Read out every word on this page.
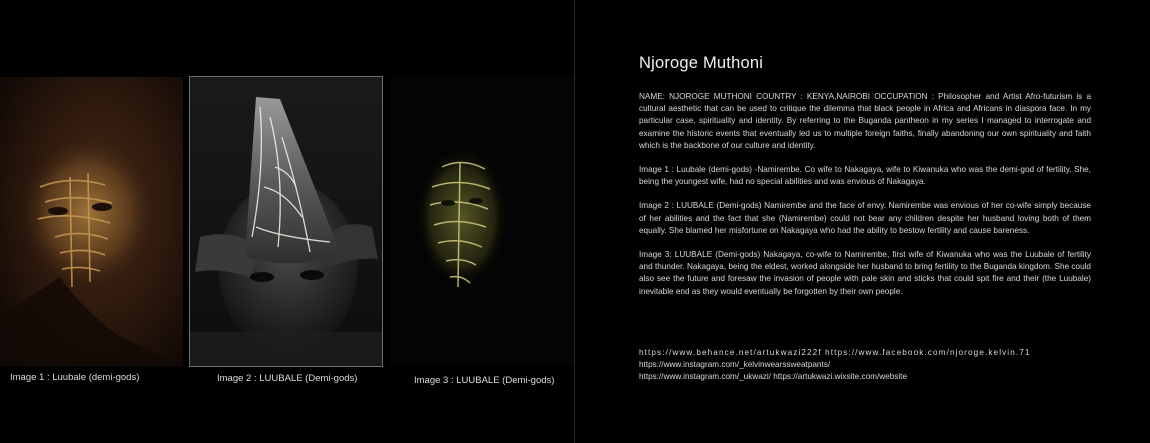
Image 1 : Luubale (demi-gods)	Image 2 : LUUBALE (Demi-gods)	Image 3 : LUUBALE (Demi-gods)
Njoroge Muthoni

NAME: NJOROGE MUTHONI COUNTRY : KENYA,NAIROBI OCCUPATION : Philosopher and Artist Afro-futurism is a cultural aesthetic that can be used to critique the dilemma that black people in Africa and Africans in diaspora face. In my particular case, spirituality and identity. By referring to the Buganda pantheon in my series I managed to interrogate and examine the historic events that eventually led us to multiple foreign faiths, finally abandoning our own spirituality and faith which is the backbone of our culture and identity.

Image 1 : Luubale (demi-gods) -Namirembe. Co wife to Nakagaya, wife to Kiwanuka who was the demi-god of fertility. She, being the youngest wife, had no special abilities and was envious of Nakagaya.

Image 2 : LUUBALE (Demi-gods) Namirembe and the face of envy. Namirembe was envious of her co-wife simply because of her abilities and the fact that she (Namirembe) could not bear any children despite her husband loving both of them equally. She blamed her misfortune on Nakagaya who had the ability to bestow fertility and cause bareness.

Image 3: LUUBALE (Demi-gods) Nakagaya, co-wife to Namirembe, first wife of Kiwanuka who was the Luubale of fertility and thunder. Nakagaya, being the eldest, worked alongside her husband to bring fertility to the Buganda kingdom. She could also see the future and foresaw the invasion of people with pale skin and sticks that could spit fire and their (the Luubale) inevitable end as they would eventually be forgotten by their own people.

https://www.behance.net/artukwazi222f https://www.facebook.com/njoroge.kelvin.71
https://www.instagram.com/_kelvinwearssweatpants/
https://www.instagram.com/_ukwazi/ https://artukwazi.wixsite.com/website
